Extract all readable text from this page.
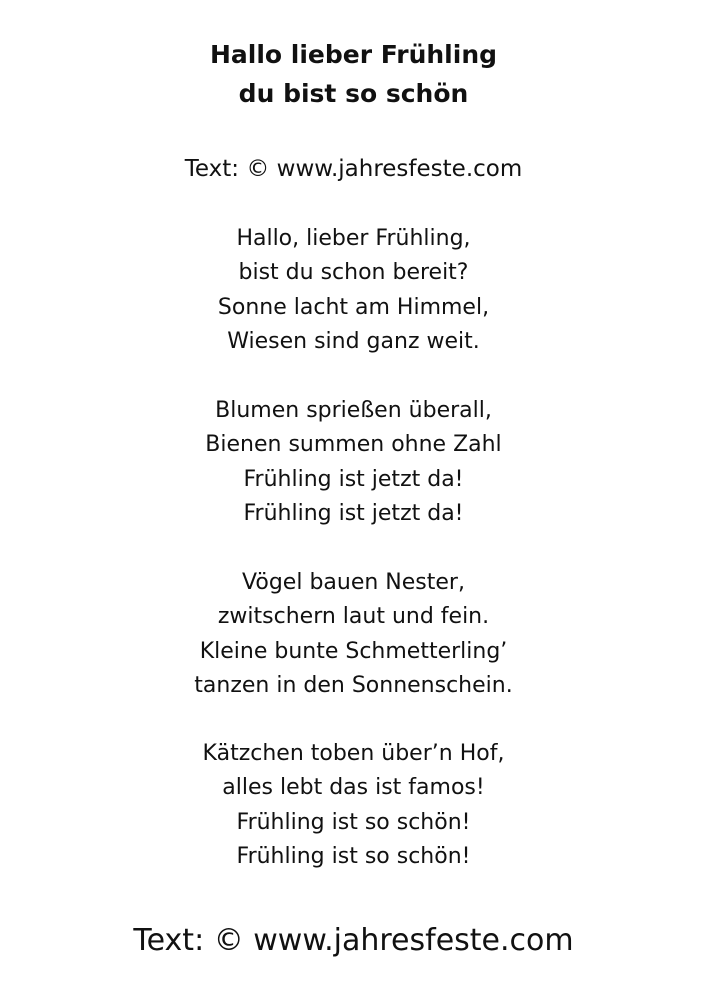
Hallo lieber Frühling
du bist so schön
Text: © www.jahresfeste.com
Hallo, lieber Frühling,
bist du schon bereit?
Sonne lacht am Himmel,
Wiesen sind ganz weit.
Blumen sprießen überall,
Bienen summen ohne Zahl
Frühling ist jetzt da!
Frühling ist jetzt da!
Vögel bauen Nester,
zwitschern laut und fein.
Kleine bunte Schmetterling’
tanzen in den Sonnenschein.
Kätzchen toben über’n Hof,
alles lebt das ist famos!
Frühling ist so schön!
Frühling ist so schön!
Text: © www.jahresfeste.com
